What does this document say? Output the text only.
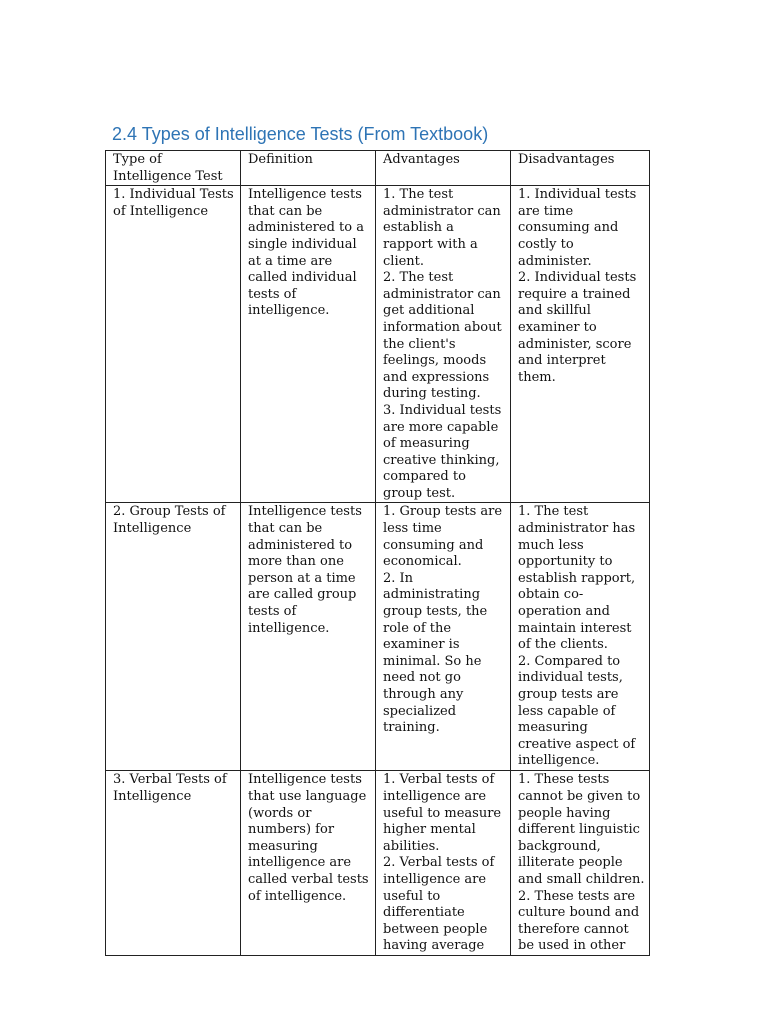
2.4 Types of Intelligence Tests (From Textbook)
Type of Intelligence Test	Definition	Advantages	Disadvantages
1. Individual Tests of Intelligence	Intelligence tests that can be administered to a single individual at a time are called individual tests of intelligence.	1. The test administrator can establish a rapport with a client.
2. The test administrator can get additional information about the client's feelings, moods and expressions during testing.
3. Individual tests are more capable of measuring creative thinking, compared to group test.	1. Individual tests are time consuming and costly to administer.
2. Individual tests require a trained and skillful examiner to administer, score and interpret them.
2. Group Tests of Intelligence	Intelligence tests that can be administered to more than one person at a time are called group tests of intelligence.	1. Group tests are less time consuming and economical.
2. In administrating group tests, the role of the examiner is minimal. So he need not go through any specialized training.	1. The test administrator has much less opportunity to establish rapport, obtain co-operation and maintain interest of the clients.
2. Compared to individual tests, group tests are less capable of measuring creative aspect of intelligence.
3. Verbal Tests of Intelligence	Intelligence tests that use language (words or numbers) for measuring intelligence are called verbal tests of intelligence.	1. Verbal tests of intelligence are useful to measure higher mental abilities.
2. Verbal tests of intelligence are useful to differentiate between people having average	1. These tests cannot be given to people having different linguistic background, illiterate people and small children.
2. These tests are culture bound and therefore cannot be used in other
